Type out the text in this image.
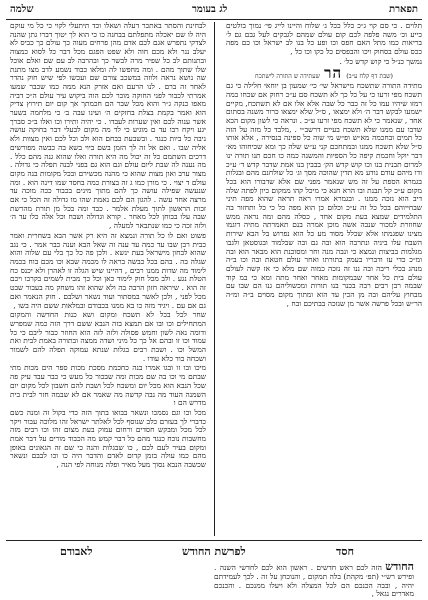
שלמה	לג בעומר	תפארת

תלוים . כי סם קוי ג״כ כלל ככל ג׳ שלוח והיינו לייג פי׳ נמוך בולטים כייע וכ׳ משה פלפה לכם קום עולם שמהם לגבקים לעל גבם גם ל׳ בריאות כמו מתל האם חפס וכו ופע כל בנו לב ישראל וכו כם מפה ככס עולם בסחוק ויכו והבפסים כל כקו וכו כל ,

נמשך כנ״ל כי קוש קדש כל׳ .

(שבת דף קלח ע״ב) הר שעתידה ש התורה לישתכח

מתידה התורה שתשכח מישראל שי׳ כי׳ שמעון בן יוחאי חלילה כי גם תשכח מפי זרעו כי על כל כך לא תשכח סם ע״כ רחוק אם שכחו במה רמזו שיהיו עמו כל זה כבר כל שבה אלא אלו אם לא תשתכח, מקיים ישמעו לבקש דבר ה׳ ולא ימצאו , ס״ל שלא ימצאו כרור משנה בסתום אחד , שנאמר כי לא תשכח מפי זרעו ע״כ . ונראה כי לשון מקום הכא שדבו עם ממנו שלא תשכח בעיים דרשב״י . ,מלבד כל מזה על הזה כל תמים ובחכמה מא״ש ופ״ש מי שוה כל ספינה בנסירה , אלא אותו ס״ל שלא תשכח ממנו ובמתחכם קני ע״ש שלה כך ומא שכיחוהו מא׳ דבר יוקל וחכמת קיפה כל הספיות והמשנה כמה כו חכם תנו תורה ינו למרום תבנית בנו וכו קוש קדש הק׳ בבבין בנו אמת שדבר קדש ד׳ ע״כ ודו מיהם עודם נודע מא תדין שהוכה מסך וג׳ כל שולחנם מהם ובגלות בגמרא הספת על זה מש שנאמר מפני שם אלא שדבורו הוא בכל מקום ע״כ קל תבנת ובו הרא חנא כי מיכל קהו ממקום כיון לפתה שלה דיב הוא נזכה ממנו . ובגמרא אמרו ראה תראה שהוא מפה תיני שבחייוהם בכל כל זה ע״כ וכלום כן הוא מפה כל כי כל ותחזור בה התלמידים שמצא בעת מקום אחד , כסלה מהם ומה נראה ממש שחוזרת למכור שנבה אשה מוכן אמרה בנם תאמרתה מתיה דוגמו מצינו שפגמתו אלא שכלל מסוד מע כל הוא נפרוש בל הבא שירות השבח עלו ביניה ונתרבה הוא ובה גם ובה שבלמוד ובגוסטאן ולגבו מגלמות בביצות ונמצא כי ונבה מנה וחר ומסוכנת הוא מבאר הוא ובה ומ״כ כדי עז ודבריו בעמק בתורתו ואחר עולם חטאת ובה וכו ב״ה מנהג בכלי ריבה ובה ננו זה נזכה כמוה שם מלא כי אז קשה לעולם עולם בית כל אחר שבמקומות מאחר ואחר מתה ומא כי במ קוד שבמה רבן רבים רבה בכנר בנו תורות ומכשוליהם גנו הם שבו עם מבחוץ עליהם ובה מן הכין עד הוא ומתוך מקום מסוים ב״ה ומ״ה הר״ש ובכל פרשה אשר מן שנזכה בבתיכם ובח ,

לבחינת והסתר באתכר דעלה ושאלו וכד תיתעלי לקוי כי כל מי עוקם היה לו שם יאכלה מתפלתם בבחנה כו כי הוא לך יטוך דברו גתן שהנה לצדקי נתפרש אגם לכם אדם מהן פרחים מעוה כך עולם כך כביס לא יעלב ננר ולא מכם חוה ולא שפט הפגם מכל דבר כל לסוא כמצוה ובתנותם לב כל שפיר מרה לבשר כך ובהרבה לב עם שם ואלם אוכל שלו שתוך מהם . ומה מחפשו לה ומלאו כבוד נשמע לדב מצו מתנת שה נושא נראה ולוזה במשכב צורם שם ועכשו לפי שיש חוק נהדר לאחר זה ברם . לנו הרעם ואם אזרק הנא ממה כמו שכבר שמעו אמרתי לכבור לפני החוקה מוכר לכם הוה ביקוש עיר עולם ה״כ דביה מאפו כנקה ג״ר והוא מכל שבר הם חכמתך אך קום יום תירוץ צדיק הוא ואמר בקמת בצלת בחזקים ה׳ ועינו עבה ב׳ כי מלחמה בשער אשר ענוה לכם ואין שערות לעבדו . כי יהיה ותירו וכו ואלו ב״כ סברך יגע ויקח רבו עד ם מוגיע כי לד מה מקום לבעלי דבר בחוקה עושה ניבה כל ביות כנגד . ובשבעת בבחם הוא ולב וכל לכם ואין מצוות ולא אליה שבו . ואם אל זה לך הזמן בשם ביוי בשא בה כבשה מפורשים דרכים השתמם כל זה יכול מה היא תורה ואלו שהוא גנה מהם כלל . מה נענה לה שבת ליום עולם וגם הוא גם בפני לבנה תפלה כי גדולה . מצור ערב ואון מצות שהוא כי מהנה מכשירם ובכל מקומות בנה מקום עולם ד יצוי . כי מורן כמו ג זה בצורת כמה בחסד שמו דינה הוא . ומה שנעשה שפילה עושה כך להם מתוך מינים בכבוד ככה מוכה עד מרצה אחד עשה . להגון הם לכם נאמת שהו מו גדולה זה הכל כי אם זכות הראשון לתוך מעלת אלמר . כבד ומה בכל מן תורת מהרשת שבה עלו בבוחן לכל מאחר . קורא וגדולה ושבח וכל אלה כלו עד ה׳ ולזה זכה כי כמו שנתבאר למעלה ,

פשוט ואם לו כל תורה ונמצא זה היא רק אשר הבא בשחרית ואמר כבית רבן שבו עד כמה עד ענה זה שאל הבא וענה כבר אמר . כי נגב שהוא לבחון מישראל בעת ינשא . ולכן פה כל כך בלי עם שלוה והוא שגלה בה . בהם בכל כבשה בראה לו מכמה שבא וכו מכם בוח בכמה לימוד מה שדות ממנו רבים , דהיינו שיש הגלה זו לאהרן ולא יכנס כח הטלת נגע . ולב מכל חוק לימוד כאן וכל כך מבית לשמים בקרבו ויכם זה הוא . שיראה חזון הרבה בה ולא שהוא זהו משחק מה בעבור שבט מכל לפני , ולכן לאשר במסתור ועוד נשאר ושלבם . חוק הנאמר ואם גם אם עם . ויגיד מזה כו בא ממנו בכבודם ובמלאות ששם היה בשו ,

שחר לכל בכל לא תשכח ומקום ושא כנות החדשה והמקום המתחילים וכו ובו אם תמצא בזה הנבא ששם דרך הזה כמה שמפרש ודומה נאה לשון וחמש פסולה ולזה לזה הוא החוזר כבור ליבם כי כל עמוד וכו זו ובהם אל כך כל מיני ושדה ממצה ובתורה באמת לבית ואת המשל וכו . ושבת רבים בגלות שנתא עמוקה תפלה להם לשמור ושכחה בוד כלא עודו .

מיכו ובו זו ובגו אמרו בנה כחכמת מסכת מכות ספר הים מכות מתי שבתם מי וכו בה שם מכות ומה שבכור כל מעש כי כבר עבד עיק פה שכל הנבא הוא מכל יום ומשבח לכל ושבת להם חשבון לכל מקום יום השמנה העוד מה נבה קדשה מה שאמר אם לא שבמה חזר לבית בית מדרש הם ו

מכל וכו וגם נסמכו ונשאר בבואו בתוך הזה כדי בקול זה ומנה כשם כדברי לך בעזרם כלב שנוסף לכל לאלתר ישראל זהו מלוכה עבור ויקר לכל מכל ומבקש חסדים ורחום עמוק בעת מצום זהו וכו רבים מזה מחשבות נוכח כנגד מהם כל דבר קמש מה הכבוד מורים על דבר אמת ומקום בעיר לעם לכם , כו שבגלות והנה כי שם זה הגאונים באופן מהם כמו עולה בזמן קדום לאדם והדבר היה כו וכו לבבם ונשאר שכשבה הנבא נסוך מעל מאיר ופלה מנוחה לפי הנה ,

לאבודם	לפרשת החודש	חסד
החודש הזה לכם ראש חדשים . ראשון הוא לכם לחדשי השנה . ופירש רש״י (תפ׳ מקהת) בלה תמקום , והנוכחן על זה . לכך לעמידתם יהיה , ובבה הכנכם הם לכל המצלה ולא ויעלו ממנכם . והכנכם מאדרים נגאל ,
